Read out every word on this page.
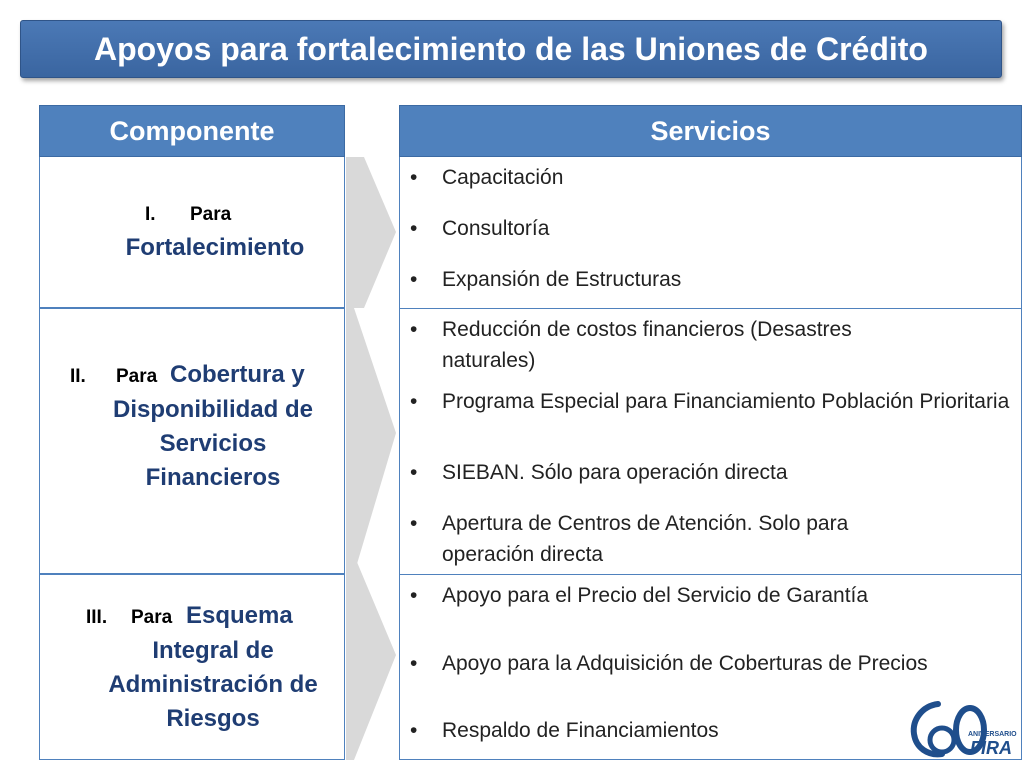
Apoyos para fortalecimiento de las Uniones de Crédito
Componente	Servicios
I. Para
Fortalecimiento
II. Para Cobertura y
Disponibilidad de
Servicios
Financieros
III. Para Esquema
Integral de
Administración de
Riesgos
• Capacitación
• Consultoría
• Expansión de Estructuras
• Reducción de costos financieros (Desastres naturales)
• Programa Especial para Financiamiento Población Prioritaria
• SIEBAN. Sólo para operación directa
• Apertura de Centros de Atención. Solo para operación directa
• Apoyo para el Precio del Servicio de Garantía
• Apoyo para la Adquisición de Coberturas de Precios
• Respaldo de Financiamientos	ANIVERSARIO
FIRA
